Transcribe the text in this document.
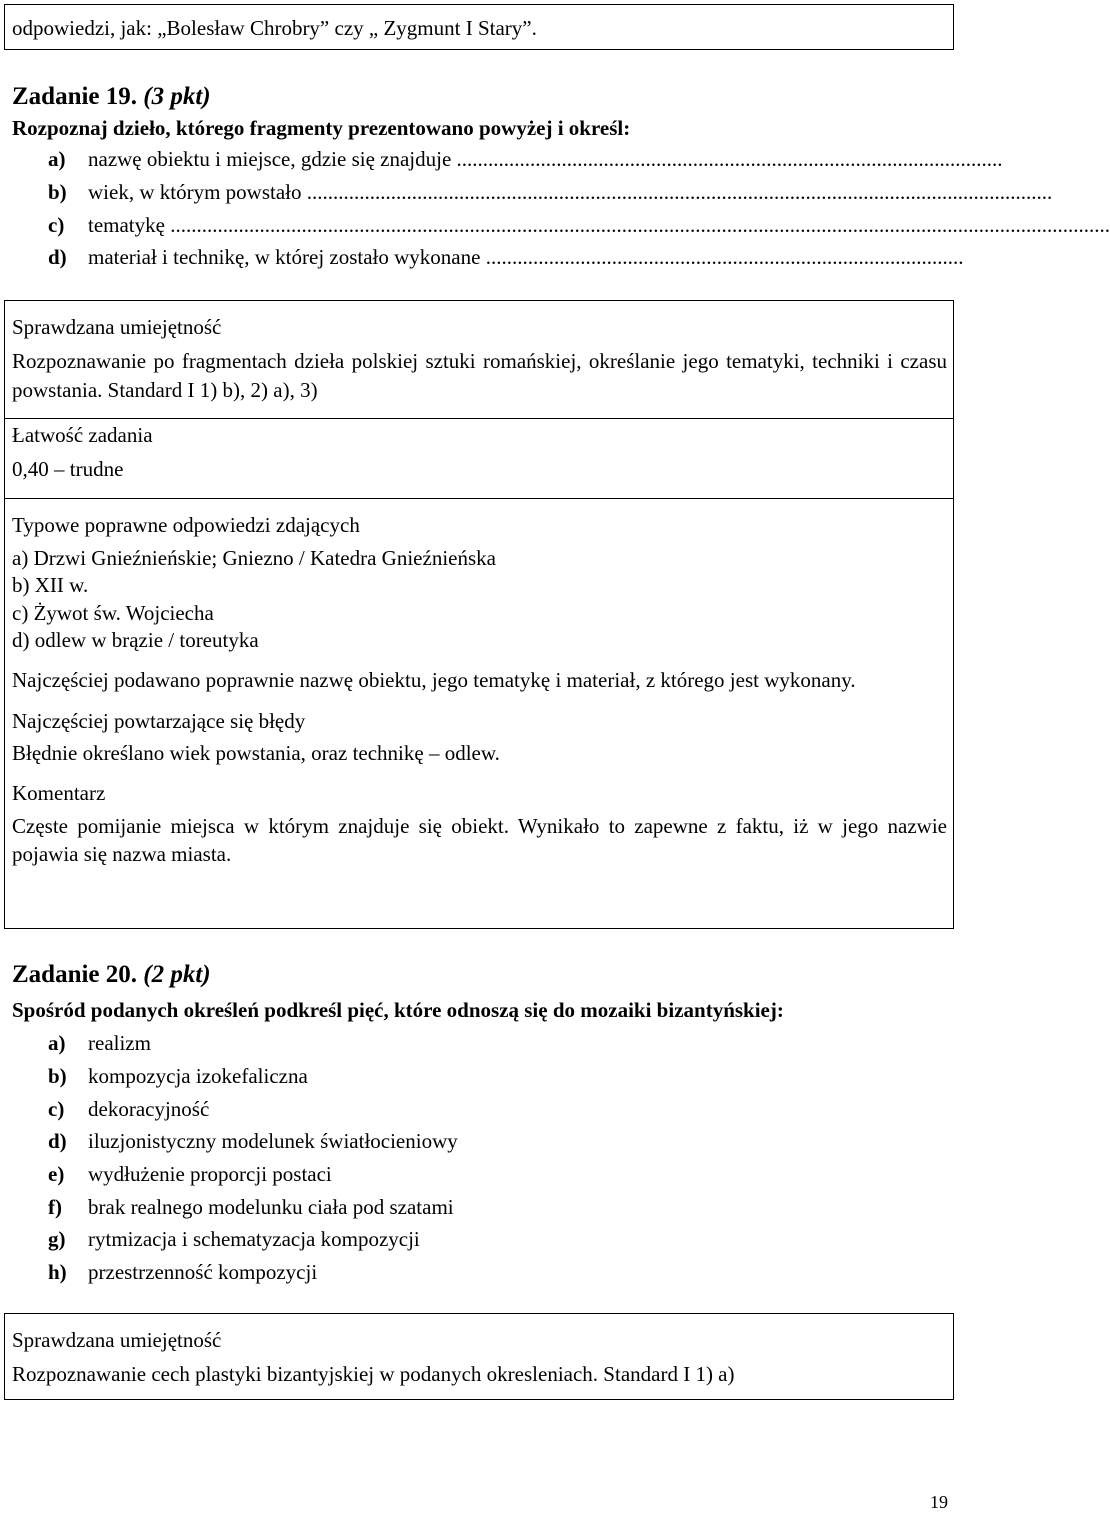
odpowiedzi, jak: „Bolesław Chrobry” czy „ Zygmunt I Stary”.

Zadanie 19. (3 pkt)

Rozpoznaj dzieło, którego fragmenty prezentowano powyżej i określ:

a)	nazwę obiektu i miejsce, gdzie się znajduje ........................................................................................................
b)	wiek, w którym powstało ..............................................................................................................................................
c)	tematykę ...................................................................................................................................................................................
d)	materiał i technikę, w której zostało wykonane ...........................................................................................
Sprawdzana umiejętność

Rozpoznawanie po fragmentach dzieła polskiej sztuki romańskiej, określanie jego tematyki, techniki i czasu powstania. Standard I 1) b), 2) a), 3)

Łatwość zadania

0,40 – trudne

Typowe poprawne odpowiedzi zdających
a) Drzwi Gnieźnieńskie; Gniezno / Katedra Gnieźnieńska
b) XII w.
c) Żywot św. Wojciecha
d) odlew w brązie / toreutyka

Najczęściej podawano poprawnie nazwę obiektu, jego tematykę i materiał, z którego jest wykonany.

Najczęściej powtarzające się błędy

Błędnie określano wiek powstania, oraz technikę – odlew.

Komentarz

Częste pomijanie miejsca w którym znajduje się obiekt. Wynikało to zapewne z faktu, iż w jego nazwie pojawia się nazwa miasta.

Zadanie 20. (2 pkt)

Spośród podanych określeń podkreśl pięć, które odnoszą się do mozaiki bizantyńskiej:

a)	realizm
b)	kompozycja izokefaliczna
c)	dekoracyjność
d)	iluzjonistyczny modelunek światłocieniowy
e)	wydłużenie proporcji postaci
f)	brak realnego modelunku ciała pod szatami
g)	rytmizacja i schematyzacja kompozycji
h)	przestrzenność kompozycji
Sprawdzana umiejętność

Rozpoznawanie cech plastyki bizantyjskiej w podanych okresleniach. Standard I 1) a)

19
